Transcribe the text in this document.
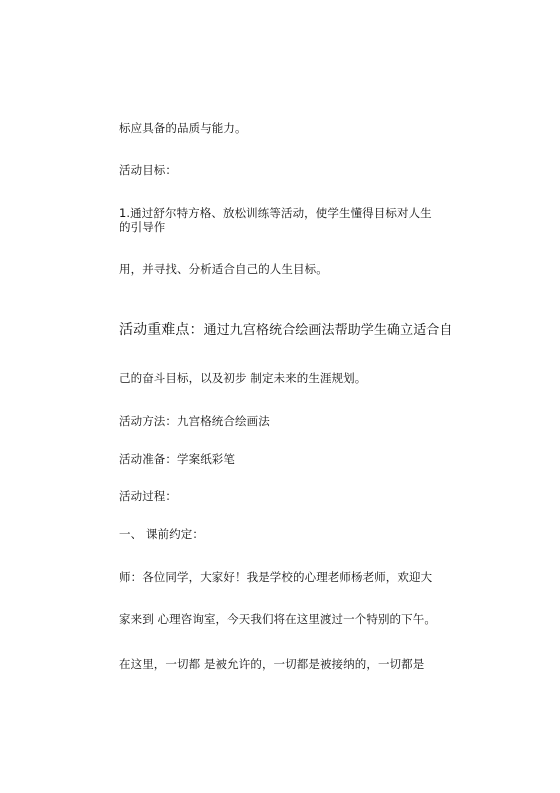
标应具备的品质与能力。
活动目标：
1.通过舒尔特方格、放松训练等活动，使学生懂得目标对人生的引导作
用，并寻找、分析适合自己的人生目标。
活动重难点：通过九宫格统合绘画法帮助学生确立适合自
己的奋斗目标，以及初步 制定未来的生涯规划。
活动方法：九宫格统合绘画法
活动准备：学案纸彩笔
活动过程：
一、 课前约定：
师：各位同学，大家好！我是学校的心理老师杨老师，欢迎大
家来到 心理咨询室，今天我们将在这里渡过一个特别的下午。
在这里，一切都 是被允许的，一切都是被接纳的，一切都是
